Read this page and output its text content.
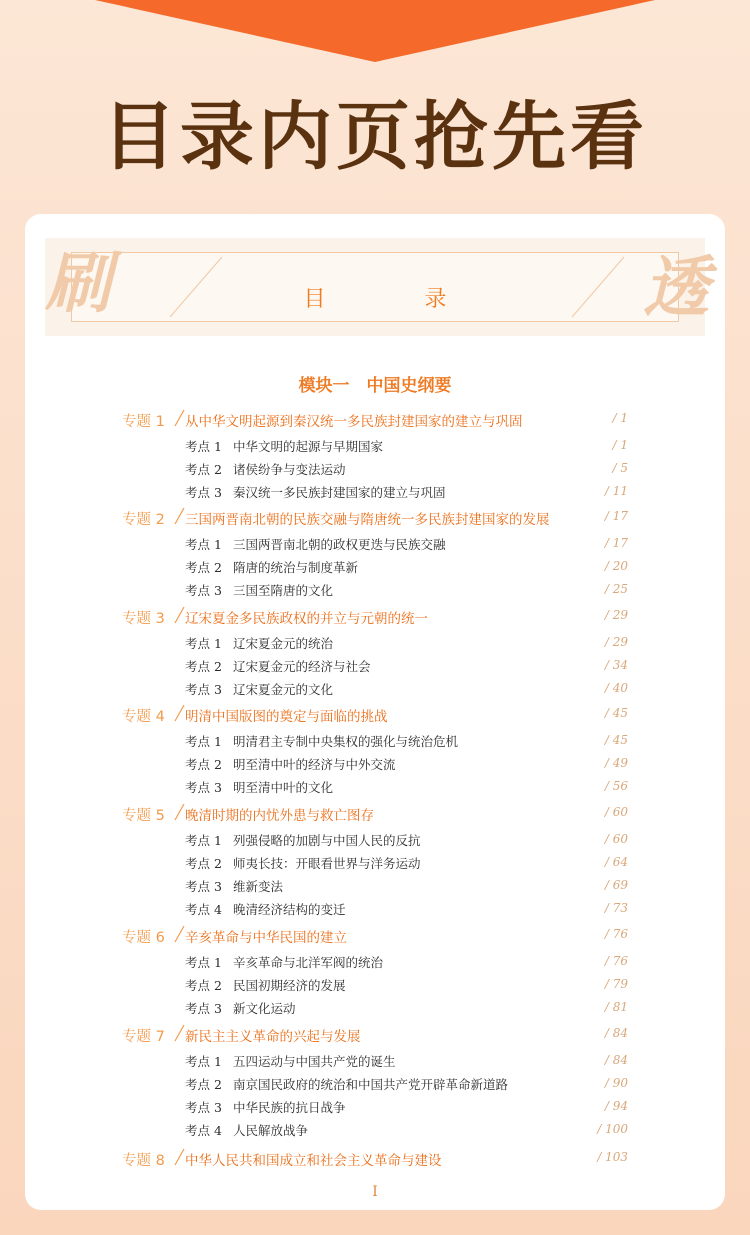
目录内页抢先看
刷	透
目 录
模块一　中国史纲要
专题 1 从中华文明起源到秦汉统一多民族封建国家的建立与巩固	/ 1
考点 1 中华文明的起源与早期国家	/ 1
考点 2 诸侯纷争与变法运动	/ 5
考点 3 秦汉统一多民族封建国家的建立与巩固	/ 11
专题 2 三国两晋南北朝的民族交融与隋唐统一多民族封建国家的发展	/ 17
考点 1 三国两晋南北朝的政权更迭与民族交融	/ 17
考点 2 隋唐的统治与制度革新	/ 20
考点 3 三国至隋唐的文化	/ 25
专题 3 辽宋夏金多民族政权的并立与元朝的统一	/ 29
考点 1 辽宋夏金元的统治	/ 29
考点 2 辽宋夏金元的经济与社会	/ 34
考点 3 辽宋夏金元的文化	/ 40
专题 4 明清中国版图的奠定与面临的挑战	/ 45
考点 1 明清君主专制中央集权的强化与统治危机	/ 45
考点 2 明至清中叶的经济与中外交流	/ 49
考点 3 明至清中叶的文化	/ 56
专题 5 晚清时期的内忧外患与救亡图存	/ 60
考点 1 列强侵略的加剧与中国人民的反抗	/ 60
考点 2 师夷长技：开眼看世界与洋务运动	/ 64
考点 3 维新变法	/ 69
考点 4 晚清经济结构的变迁	/ 73
专题 6 辛亥革命与中华民国的建立	/ 76
考点 1 辛亥革命与北洋军阀的统治	/ 76
考点 2 民国初期经济的发展	/ 79
考点 3 新文化运动	/ 81
专题 7 新民主主义革命的兴起与发展	/ 84
考点 1 五四运动与中国共产党的诞生	/ 84
考点 2 南京国民政府的统治和中国共产党开辟革命新道路	/ 90
考点 3 中华民族的抗日战争	/ 94
考点 4 人民解放战争	/ 100
专题 8 中华人民共和国成立和社会主义革命与建设	/ 103
I
